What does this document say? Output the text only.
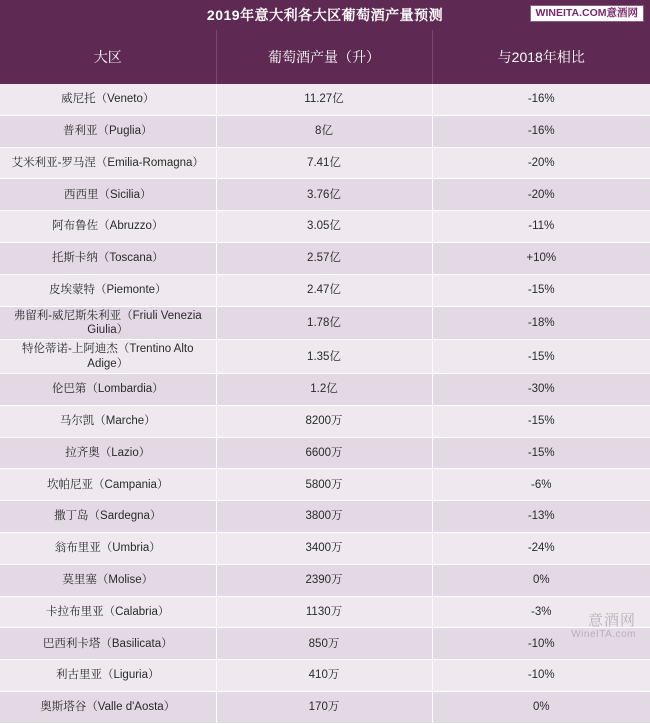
2019年意大利各大区葡萄酒产量预测	WINEITA.COM 意酒网
大区	葡萄酒产量（升）	与2018年相比
威尼托（Veneto）	11.27亿	-16%
普利亚（Puglia）	8亿	-16%
艾米利亚-罗马涅（Emilia-Romagna）	7.41亿	-20%
西西里（Sicilia）	3.76亿	-20%
阿布鲁佐（Abruzzo）	3.05亿	-11%
托斯卡纳（Toscana）	2.57亿	+10%
皮埃蒙特（Piemonte）	2.47亿	-15%
弗留利-威尼斯朱利亚（Friuli Venezia Giulia）	1.78亿	-18%
特伦蒂诺-上阿迪杰（Trentino Alto Adige）	1.35亿	-15%
伦巴第（Lombardia）	1.2亿	-30%
马尔凯（Marche）	8200万	-15%
拉齐奥（Lazio）	6600万	-15%
坎帕尼亚（Campania）	5800万	-6%
撒丁岛（Sardegna）	3800万	-13%
翁布里亚（Umbria）	3400万	-24%
莫里塞（Molise）	2390万	0%
卡拉布里亚（Calabria）	1130万	-3%
巴西利卡塔（Basilicata）	850万	-10%
利古里亚（Liguria）	410万	-10%
奥斯塔谷（Valle d'Aosta）	170万	0%
意酒网
WineITA.com
